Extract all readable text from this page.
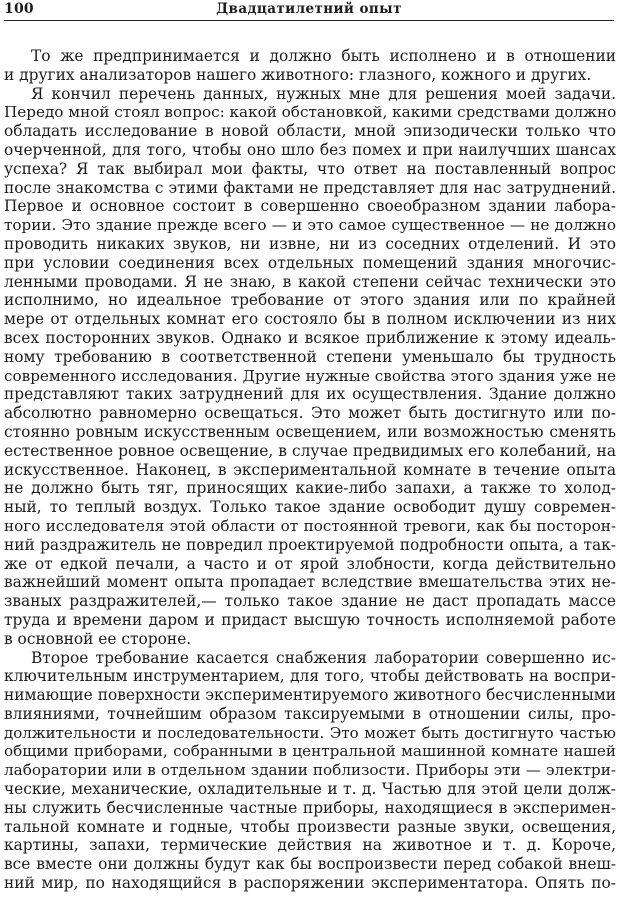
100	Двадцатилетний опыт
То же предпринимается и должно быть исполнено и в отношении
и других анализаторов нашего животного: глазного, кожного и других.
Я кончил перечень данных, нужных мне для решения моей задачи.
Передо мной стоял вопрос: какой обстановкой, какими средствами должно
обладать исследование в новой области, мной эпизодически только что
очерченной, для того, чтобы оно шло без помех и при наилучших шансах
успеха? Я так выбирал мои факты, что ответ на поставленный вопрос
после знакомства с этими фактами не представляет для нас затруднений.
Первое и основное состоит в совершенно своеобразном здании лабора-
тории. Это здание прежде всего — и это самое существенное — не должно
проводить никаких звуков, ни извне, ни из соседних отделений. И это
при условии соединения всех отдельных помещений здания многочис-
ленными проводами. Я не знаю, в какой степени сейчас технически это
исполнимо, но идеальное требование от этого здания или по крайней
мере от отдельных комнат его состояло бы в полном исключении из них
всех посторонних звуков. Однако и всякое приближение к этому идеаль-
ному требованию в соответственной степени уменьшало бы трудность
современного исследования. Другие нужные свойства этого здания уже не
представляют таких затруднений для их осуществления. Здание должно
абсолютно равномерно освещаться. Это может быть достигнуто или по-
стоянно ровным искусственным освещением, или возможностью сменять
естественное ровное освещение, в случае предвидимых его колебаний, на
искусственное. Наконец, в экспериментальной комнате в течение опыта
не должно быть тяг, приносящих какие-либо запахи, а также то холод-
ный, то теплый воздух. Только такое здание освободит душу современ-
ного исследователя этой области от постоянной тревоги, как бы посторон-
ний раздражитель не повредил проектируемой подробности опыта, а так-
же от едкой печали, а часто и от ярой злобности, когда действительно
важнейший момент опыта пропадает вследствие вмешательства этих не-
званых раздражителей,— только такое здание не даст пропадать массе
труда и времени даром и придаст высшую точность исполняемой работе
в основной ее стороне.
Второе требование касается снабжения лаборатории совершенно ис-
ключительным инструментарием, для того, чтобы действовать на воспри-
нимающие поверхности экспериментируемого животного бесчисленными
влияниями, точнейшим образом таксируемыми в отношении силы, про-
должительности и последовательности. Это может быть достигнуто частью
общими приборами, собранными в центральной машинной комнате нашей
лаборатории или в отдельном здании поблизости. Приборы эти — электри-
ческие, механические, охладительные и т. д. Частью для этой цели долж-
ны служить бесчисленные частные приборы, находящиеся в эксперимен-
тальной комнате и годные, чтобы произвести разные звуки, освещения,
картины, запахи, термические действия на животное и т. д. Короче,
все вместе они должны будут как бы воспроизвести перед собакой внеш-
ний мир, по находящийся в распоряжении экспериментатора. Опять по-
